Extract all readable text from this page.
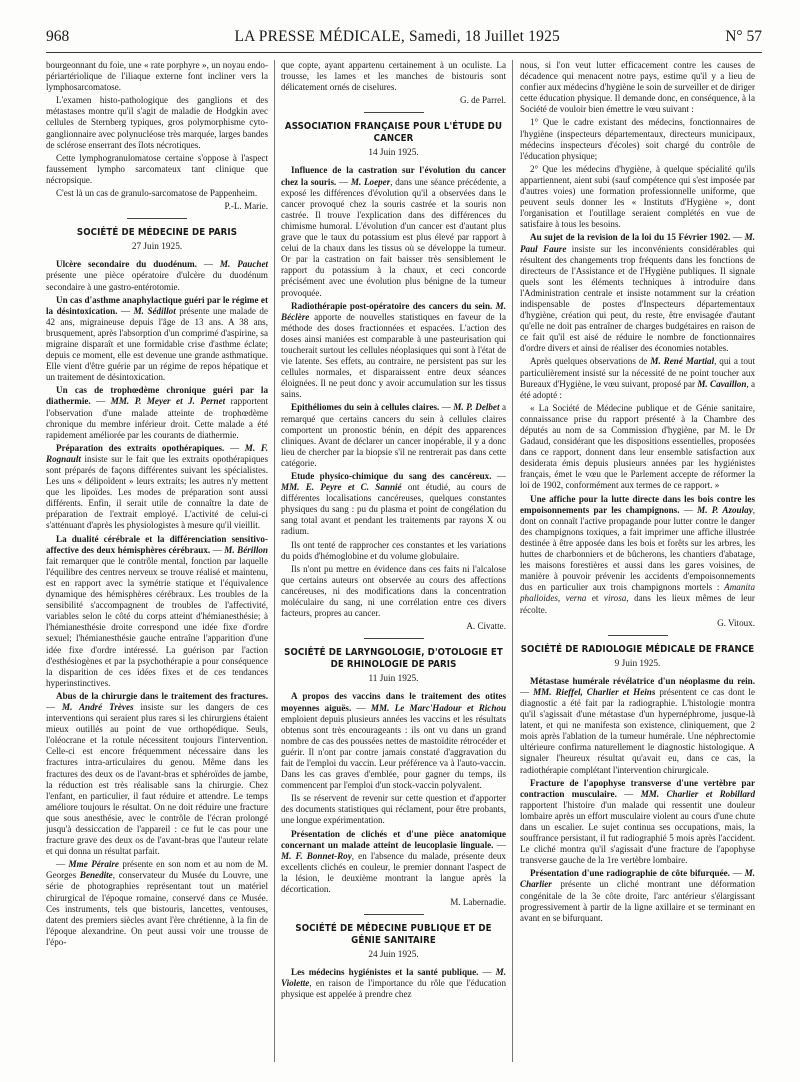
968	LA PRESSE MÉDICALE, Samedi, 18 Juillet 1925	N° 57

bourgeonnant du foie, une « rate porphyre », un noyau endo-périartériolique de l'iliaque externe font incliner vers la lymphosarcomatose.

L'examen histo-pathologique des ganglions et des métastases montre qu'il s'agit de maladie de Hodgkin avec cellules de Sternberg typiques, gros polymorphisme cyto-ganglionnaire avec polynucléose très marquée, larges bandes de sclérose enserrant des îlots nécrotiques.

Cette lymphogranulomatose certaine s'oppose à l'aspect faussement lympho sarcomateux tant clinique que nécropsique.

C'est là un cas de granulo-sarcomatose de Pappenheim.

P.-L. Marie.

SOCIÉTÉ DE MÉDECINE DE PARIS
27 Juin 1925.

Ulcère secondaire du duodénum. — M. Pauchet présente une pièce opératoire d'ulcère du duodénum secondaire à une gastro-entérotomie.

Un cas d'asthme anaphylactique guéri par le régime et la désintoxication. — M. Sédillot présente une malade de 42 ans, migraineuse depuis l'âge de 13 ans. A 38 ans, brusquement, après l'absorption d'un comprimé d'aspirine, sa migraine disparaît et une formidable crise d'asthme éclate; depuis ce moment, elle est devenue une grande asthmatique. Elle vient d'être guérie par un régime de repos hépatique et un traitement de désintoxication.

Un cas de trophœdème chronique guéri par la diathermie. — MM. P. Meyer et J. Pernet rapportent l'observation d'une malade atteinte de trophœdème chronique du membre inférieur droit. Cette malade a été rapidement améliorée par les courants de diathermie.

Préparation des extraits opothérapiques. — M. F. Rognault insiste sur le fait que les extraits opothérapiques sont préparés de façons différentes suivant les spécialistes. Les uns « délipoïdent » leurs extraits; les autres n'y mettent que les lipoïdes. Les modes de préparation sont aussi différents. Enfin, il serait utile de connaître la date de préparation de l'extrait employé. L'activité de celui-ci s'atténuant d'après les physiologistes à mesure qu'il vieillit.

La dualité cérébrale et la différenciation sensitivo-affective des deux hémisphères cérébraux. — M. Bérillon fait remarquer que le contrôle mental, fonction par laquelle l'équilibre des centres nerveux se trouve réalisé et maintenu, est en rapport avec la symétrie statique et l'équivalence dynamique des hémisphères cérébraux. Les troubles de la sensibilité s'accompagnent de troubles de l'affectivité, variables selon le côté du corps atteint d'hémianesthésie; à l'hémianesthésie droite correspond une idée fixe d'ordre sexuel; l'hémianesthésie gauche entraîne l'apparition d'une idée fixe d'ordre intéressé. La guérison par l'action d'esthésiogènes et par la psychothérapie a pour conséquence la disparition de ces idées fixes et de ces tendances hyperinstinctives.

Abus de la chirurgie dans le traitement des fractures. — M. André Trèves insiste sur les dangers de ces interventions qui seraient plus rares si les chirurgiens étaient mieux outillés au point de vue orthopédique. Seuls, l'oléocrane et la rotule nécessitent toujours l'intervention. Celle-ci est encore fréquemment nécessaire dans les fractures intra-articulaires du genou. Même dans les fractures des deux os de l'avant-bras et sphéroïdes de jambe, la réduction est très réalisable sans la chirurgie. Chez l'enfant, en particulier, il faut réduire et attendre. Le temps améliore toujours le résultat. On ne doit réduire une fracture que sous anesthésie, avec le contrôle de l'écran prolongé jusqu'à dessiccation de l'appareil : ce fut le cas pour une fracture grave des deux os de l'avant-bras que l'auteur relate et qui donna un résultat parfait.

— Mme Péraire présente en son nom et au nom de M. Georges Benedite, conservateur du Musée du Louvre, une série de photographies représentant tout un matériel chirurgical de l'époque romaine, conservé dans ce Musée. Ces instruments, tels que bistouris, lancettes, ventouses, datent des premiers siècles avant l'ère chrétienne, à la fin de l'époque alexandrine. On peut aussi voir une trousse de l'épo-

que copte, ayant appartenu certainement à un oculiste. La trousse, les lames et les manches de bistouris sont délicatement ornés de ciselures.

G. de Parrel.

ASSOCIATION FRANÇAISE POUR L'ÉTUDE DU CANCER
14 Juin 1925.

Influence de la castration sur l'évolution du cancer chez la souris. — M. Loeper, dans une séance précédente, a exposé les différences d'évolution qu'il a observées dans le cancer provoqué chez la souris castrée et la souris non castrée. Il trouve l'explication dans des différences du chimisme humoral. L'évolution d'un cancer est d'autant plus grave que le taux du potassium est plus élevé par rapport à celui de la chaux dans les tissus où se développe la tumeur. Or par la castration on fait baisser très sensiblement le rapport du potassium à la chaux, et ceci concorde précisément avec une évolution plus bénigne de la tumeur provoquée.

Radiothérapie post-opératoire des cancers du sein. M. Béclère apporte de nouvelles statistiques en faveur de la méthode des doses fractionnées et espacées. L'action des doses ainsi maniées est comparable à une pasteurisation qui toucherait surtout les cellules néoplasiques qui sont à l'état de vie latente. Ses effets, au contraire, ne persistent pas sur les cellules normales, et disparaissent entre deux séances éloignées. Il ne peut donc y avoir accumulation sur les tissus sains.

Epithéliomes du sein à cellules claires. — M. P. Delbet a remarqué que certains cancers du sein à cellules claires comportent un pronostic bénin, en dépit des apparences cliniques. Avant de déclarer un cancer inopérable, il y a donc lieu de chercher par la biopsie s'il ne rentrerait pas dans cette catégorie.

Etude physico-chimique du sang des cancéreux. — MM. E. Peyre et C. Sannié ont étudié, au cours de différentes localisations cancéreuses, quelques constantes physiques du sang : pu du plasma et point de congélation du sang total avant et pendant les traitements par rayons X ou radium.

Ils ont tenté de rapprocher ces constantes et les variations du poids d'hémoglobine et du volume globulaire.

Ils n'ont pu mettre en évidence dans ces faits ni l'alcalose que certains auteurs ont observée au cours des affections cancéreuses, ni des modifications dans la concentration moléculaire du sang, ni une corrélation entre ces divers facteurs, propres au cancer.

A. Civatte.

SOCIÉTÉ DE LARYNGOLOGIE, D'OTOLOGIE ET DE RHINOLOGIE DE PARIS
11 Juin 1925.

A propos des vaccins dans le traitement des otites moyennes aiguës. — MM. Le Marc'Hadour et Richou emploient depuis plusieurs années les vaccins et les résultats obtenus sont très encourageants : ils ont vu dans un grand nombre de cas des poussées nettes de mastoïdite rétrocéder et guérir. Il n'ont par contre jamais constaté d'aggravation du fait de l'emploi du vaccin. Leur préférence va à l'auto-vaccin. Dans les cas graves d'emblée, pour gagner du temps, ils commencent par l'emploi d'un stock-vaccin polyvalent.

Ils se réservent de revenir sur cette question et d'apporter des documents statistiques qui réclament, pour être probants, une longue expérimentation.

Présentation de clichés et d'une pièce anatomique concernant un malade atteint de leucoplasie linguale. — M. F. Bonnet-Roy, en l'absence du malade, présente deux excellents clichés en couleur, le premier donnant l'aspect de la lésion, le deuxième montrant la langue après la décortication.

M. Labernadie.

SOCIÉTÉ DE MÉDECINE PUBLIQUE ET DE GÉNIE SANITAIRE
24 Juin 1925.

Les médecins hygiénistes et la santé publique. — M. Violette, en raison de l'importance du rôle que l'éducation physique est appelée à prendre chez

nous, si l'on veut lutter efficacement contre les causes de décadence qui menacent notre pays, estime qu'il y a lieu de confier aux médecins d'hygiène le soin de surveiller et de diriger cette éducation physique. Il demande donc, en conséquence, à la Société de vouloir bien émettre le vœu suivant :

1° Que le cadre existant des médecins, fonctionnaires de l'hygiène (inspecteurs départementaux, directeurs municipaux, médecins inspecteurs d'écoles) soit chargé du contrôle de l'éducation physique;

2° Que les médecins d'hygiène, à quelque spécialité qu'ils appartiennent, aient subi (sauf compétence qui s'est imposée par d'autres voies) une formation professionnelle uniforme, que peuvent seuls donner les « Instituts d'Hygiène », dont l'organisation et l'outillage seraient complétés en vue de satisfaire à tous les besoins.

Au sujet de la revision de la loi du 15 Février 1902. — M. Paul Faure insiste sur les inconvénients considérables qui résultent des changements trop fréquents dans les fonctions de directeurs de l'Assistance et de l'Hygiène publiques. Il signale quels sont les éléments techniques à introduire dans l'Administration centrale et insiste notamment sur la création indispensable de postes d'Inspecteurs départementaux d'hygiène, création qui peut, du reste, être envisagée d'autant qu'elle ne doit pas entraîner de charges budgétaires en raison de ce fait qu'il est aisé de réduire le nombre de fonctionnaires d'ordre divers et ainsi de réaliser des économies notables.

Après quelques observations de M. René Martial, qui a tout particulièrement insisté sur la nécessité de ne point toucher aux Bureaux d'Hygiène, le vœu suivant, proposé par M. Cavaillon, a été adopté :

« La Société de Médecine publique et de Génie sanitaire, connaissance prise du rapport présenté à la Chambre des députés au nom de sa Commission d'hygiène, par M. le Dr Gadaud, considérant que les dispositions essentielles, proposées dans ce rapport, donnent dans leur ensemble satisfaction aux desiderata émis depuis plusieurs années par les hygiénistes français, émet le vœu que le Parlement accepte de réformer la loi de 1902, conformément aux termes de ce rapport. »

Une affiche pour la lutte directe dans les bois contre les empoisonnements par les champignons. — M. P. Azoulay, dont on connaît l'active propagande pour lutter contre le danger des champignons toxiques, a fait imprimer une affiche illustrée destinée à être apposée dans les bois et forêts sur les arbres, les huttes de charbonniers et de bûcherons, les chantiers d'abatage, les maisons forestières et aussi dans les gares voisines, de manière à pouvoir prévenir les accidents d'empoisonnements dus en particulier aux trois champignons mortels : Amanita phalloides, verna et virosa, dans les lieux mêmes de leur récolte.

G. Vitoux.

SOCIÉTÉ DE RADIOLOGIE MÉDICALE DE FRANCE
9 Juin 1925.

Métastase humérale révélatrice d'un néoplasme du rein. — MM. Rieffel, Charlier et Heins présentent ce cas dont le diagnostic a été fait par la radiographie. L'histologie montra qu'il s'agissait d'une métastase d'un hypernéphrome, jusque-là latent, et qui ne manifesta son existence, cliniquement, que 2 mois après l'ablation de la tumeur humérale. Une néphrectomie ultérieure confirma naturellement le diagnostic histologique. A signaler l'heureux résultat qu'avait eu, dans ce cas, la radiothérapie complétant l'intervention chirurgicale.

Fracture de l'apophyse transverse d'une vertèbre par contraction musculaire. — MM. Charlier et Robillard rapportent l'histoire d'un malade qui ressentit une douleur lombaire après un effort musculaire violent au cours d'une chute dans un escalier. Le sujet continua ses occupations, mais, la souffrance persistant, il fut radiographié 5 mois après l'accident. Le cliché montra qu'il s'agissait d'une fracture de l'apophyse transverse gauche de la 1re vertèbre lombaire.

Présentation d'une radiographie de côte bifurquée. — M. Charlier présente un cliché montrant une déformation congénitale de la 3e côte droite, l'arc antérieur s'élargissant progressivement à partir de la ligne axillaire et se terminant en avant en se bifurquant.
